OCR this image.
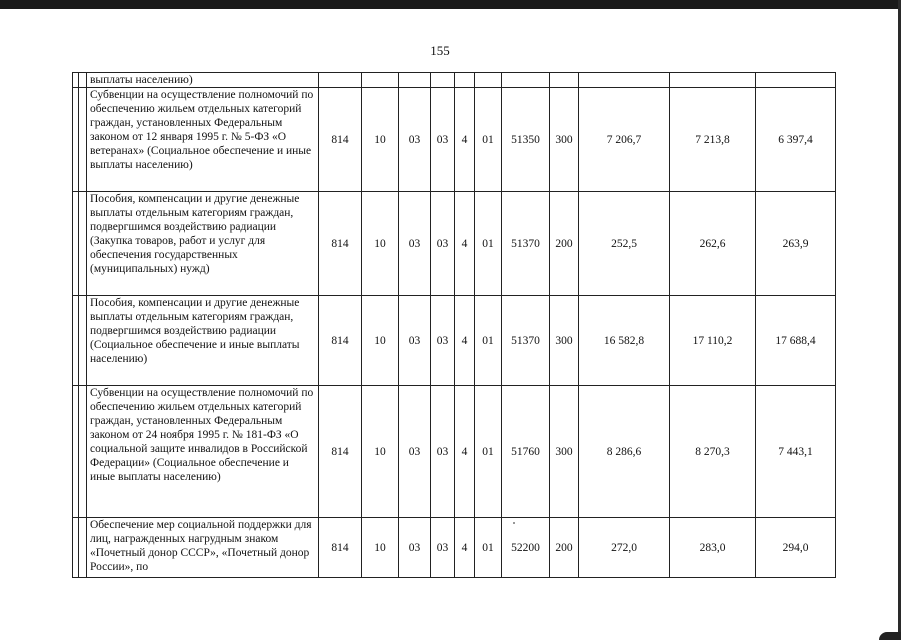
155
		выплаты населению)											
		Субвенции на осуществление полномочий по обеспечению жильем отдельных категорий граждан, установленных Федеральным законом от 12 января 1995 г. № 5-ФЗ «О ветеранах» (Социальное обеспечение и иные выплаты населению)	814	10	03	03	4	01	51350	300	7 206,7	7 213,8	6 397,4
		Пособия, компенсации и другие денежные выплаты отдельным категориям граждан, подвергшимся воздействию радиации (Закупка товаров, работ и услуг для обеспечения государственных (муниципальных) нужд)	814	10	03	03	4	01	51370	200	252,5	262,6	263,9
		Пособия, компенсации и другие денежные выплаты отдельным категориям граждан, подвергшимся воздействию радиации (Социальное обеспечение и иные выплаты населению)	814	10	03	03	4	01	51370	300	16 582,8	17 110,2	17 688,4
		Субвенции на осуществление полномочий по обеспечению жильем отдельных категорий граждан, установленных Федеральным законом от 24 ноября 1995 г. № 181-ФЗ «О социальной защите инвалидов в Российской Федерации» (Социальное обеспечение и иные выплаты населению)	814	10	03	03	4	01	51760	300	8 286,6	8 270,3	7 443,1
		Обеспечение мер социальной поддержки для лиц, награжденных нагрудным знаком «Почетный донор СССР», «Почетный донор России», по	814	10	03	03	4	01	52200	200	272,0	283,0	294,0
